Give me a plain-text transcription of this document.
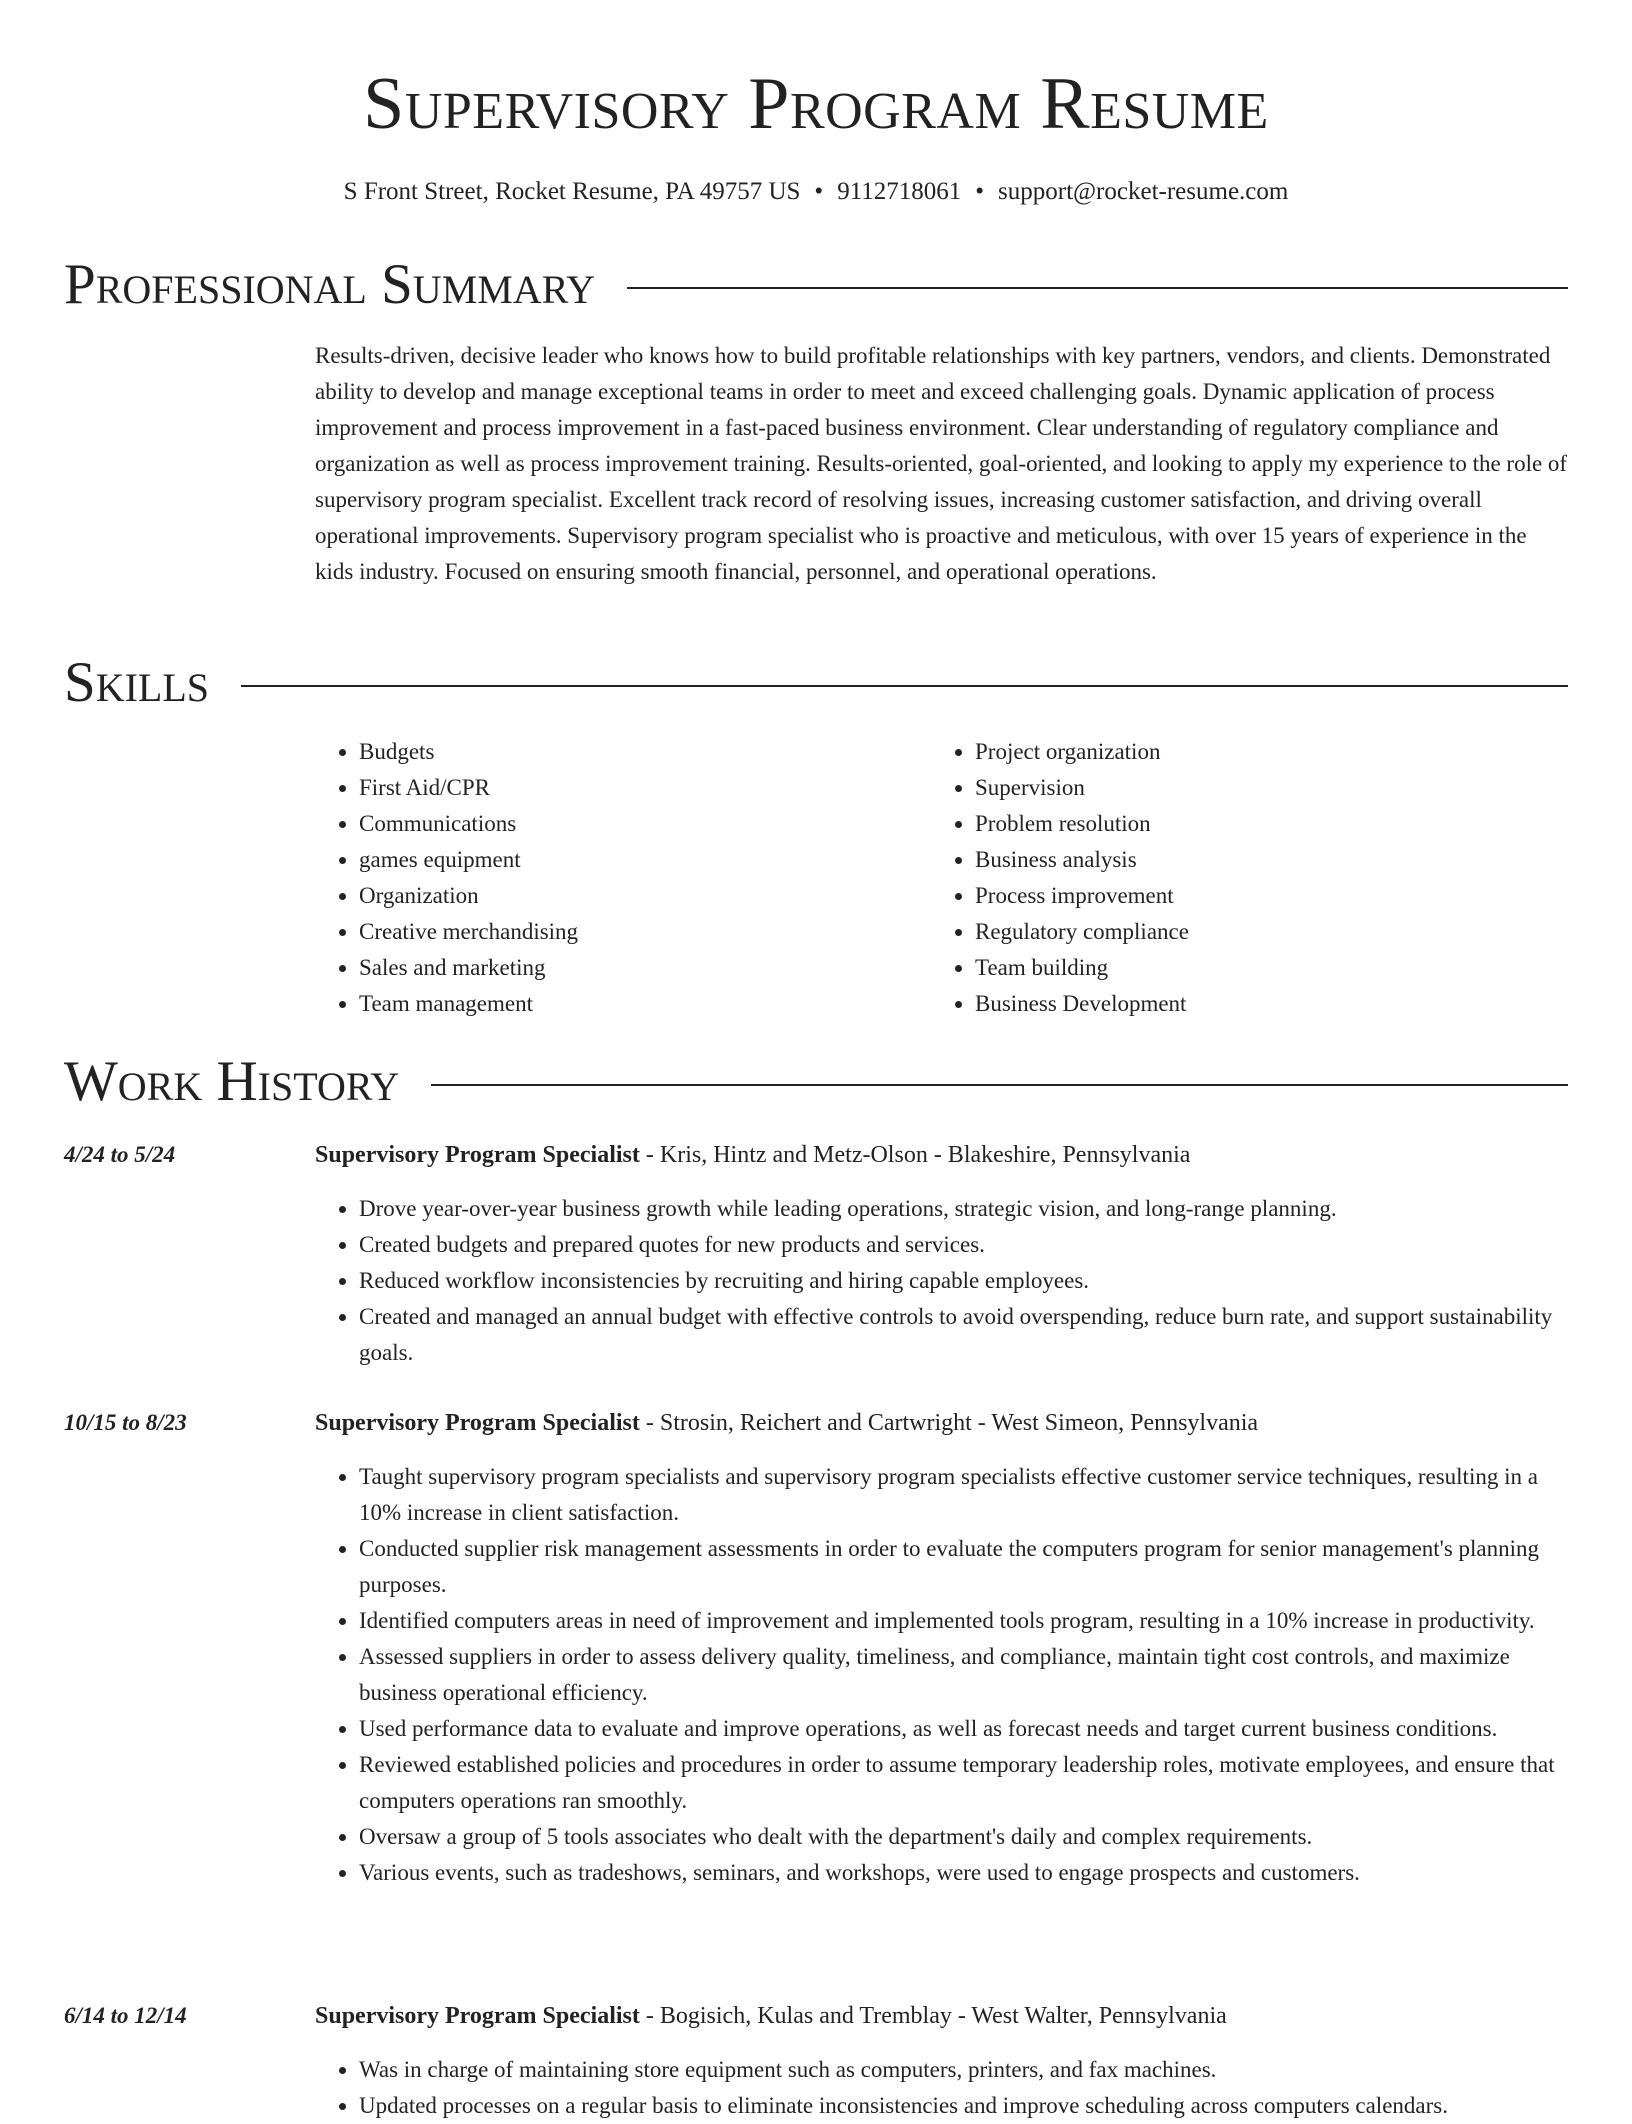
Supervisory Program Resume
S Front Street, Rocket Resume, PA 49757 US • 9112718061 • support@rocket-resume.com
Professional Summary
Results-driven, decisive leader who knows how to build profitable relationships with key partners, vendors, and clients. Demonstrated ability to develop and manage exceptional teams in order to meet and exceed challenging goals. Dynamic application of process improvement and process improvement in a fast-paced business environment. Clear understanding of regulatory compliance and organization as well as process improvement training. Results-oriented, goal-oriented, and looking to apply my experience to the role of supervisory program specialist. Excellent track record of resolving issues, increasing customer satisfaction, and driving overall operational improvements. Supervisory program specialist who is proactive and meticulous, with over 15 years of experience in the kids industry. Focused on ensuring smooth financial, personnel, and operational operations.
Skills
• Budgets
• First Aid/CPR
• Communications
• games equipment
• Organization
• Creative merchandising
• Sales and marketing
• Team management
• Project organization
• Supervision
• Problem resolution
• Business analysis
• Process improvement
• Regulatory compliance
• Team building
• Business Development
Work History
4/24 to 5/24	Supervisory Program Specialist - Kris, Hintz and Metz-Olson - Blakeshire, Pennsylvania
• Drove year-over-year business growth while leading operations, strategic vision, and long-range planning.
• Created budgets and prepared quotes for new products and services.
• Reduced workflow inconsistencies by recruiting and hiring capable employees.
• Created and managed an annual budget with effective controls to avoid overspending, reduce burn rate, and support sustainability goals.
10/15 to 8/23	Supervisory Program Specialist - Strosin, Reichert and Cartwright - West Simeon, Pennsylvania
• Taught supervisory program specialists and supervisory program specialists effective customer service techniques, resulting in a 10% increase in client satisfaction.
• Conducted supplier risk management assessments in order to evaluate the computers program for senior management's planning purposes.
• Identified computers areas in need of improvement and implemented tools program, resulting in a 10% increase in productivity.
• Assessed suppliers in order to assess delivery quality, timeliness, and compliance, maintain tight cost controls, and maximize business operational efficiency.
• Used performance data to evaluate and improve operations, as well as forecast needs and target current business conditions.
• Reviewed established policies and procedures in order to assume temporary leadership roles, motivate employees, and ensure that computers operations ran smoothly.
• Oversaw a group of 5 tools associates who dealt with the department's daily and complex requirements.
• Various events, such as tradeshows, seminars, and workshops, were used to engage prospects and customers.
6/14 to 12/14	Supervisory Program Specialist - Bogisich, Kulas and Tremblay - West Walter, Pennsylvania
• Was in charge of maintaining store equipment such as computers, printers, and fax machines.
• Updated processes on a regular basis to eliminate inconsistencies and improve scheduling across computers calendars.
